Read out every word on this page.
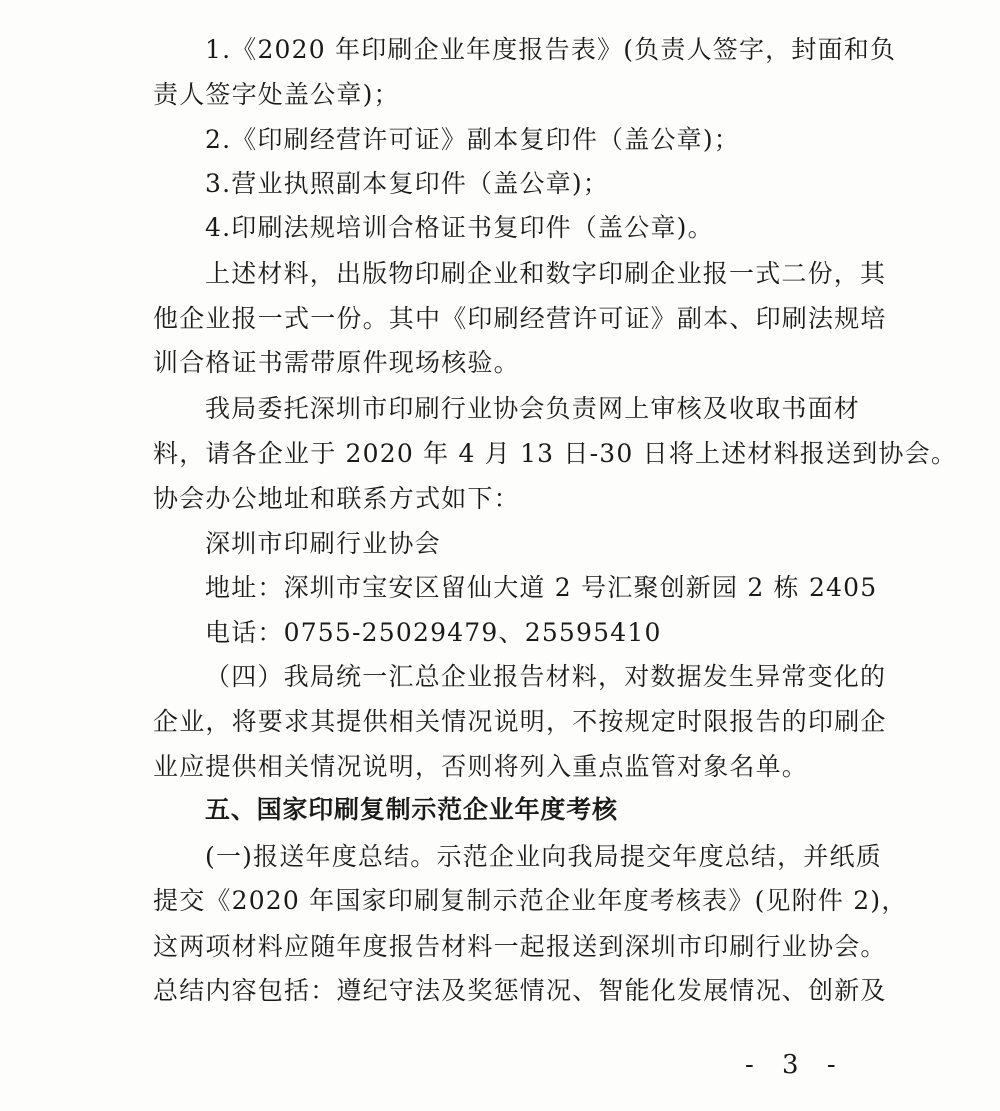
1.《2020 年印刷企业年度报告表》(负责人签字，封面和负
责人签字处盖公章)；
2.《印刷经营许可证》副本复印件（盖公章)；
3.营业执照副本复印件（盖公章)；
4.印刷法规培训合格证书复印件（盖公章)。
上述材料，出版物印刷企业和数字印刷企业报一式二份，其
他企业报一式一份。其中《印刷经营许可证》副本、印刷法规培
训合格证书需带原件现场核验。
我局委托深圳市印刷行业协会负责网上审核及收取书面材
料，请各企业于 2020 年 4 月 13 日-30 日将上述材料报送到协会。
协会办公地址和联系方式如下：
深圳市印刷行业协会
地址：深圳市宝安区留仙大道 2 号汇聚创新园 2 栋 2405
电话：0755-25029479、25595410
（四）我局统一汇总企业报告材料，对数据发生异常变化的
企业，将要求其提供相关情况说明，不按规定时限报告的印刷企
业应提供相关情况说明，否则将列入重点监管对象名单。
五、国家印刷复制示范企业年度考核
(一)报送年度总结。示范企业向我局提交年度总结，并纸质
提交《2020 年国家印刷复制示范企业年度考核表》(见附件 2)，
这两项材料应随年度报告材料一起报送到深圳市印刷行业协会。
总结内容包括：遵纪守法及奖惩情况、智能化发展情况、创新及
- 3 -
